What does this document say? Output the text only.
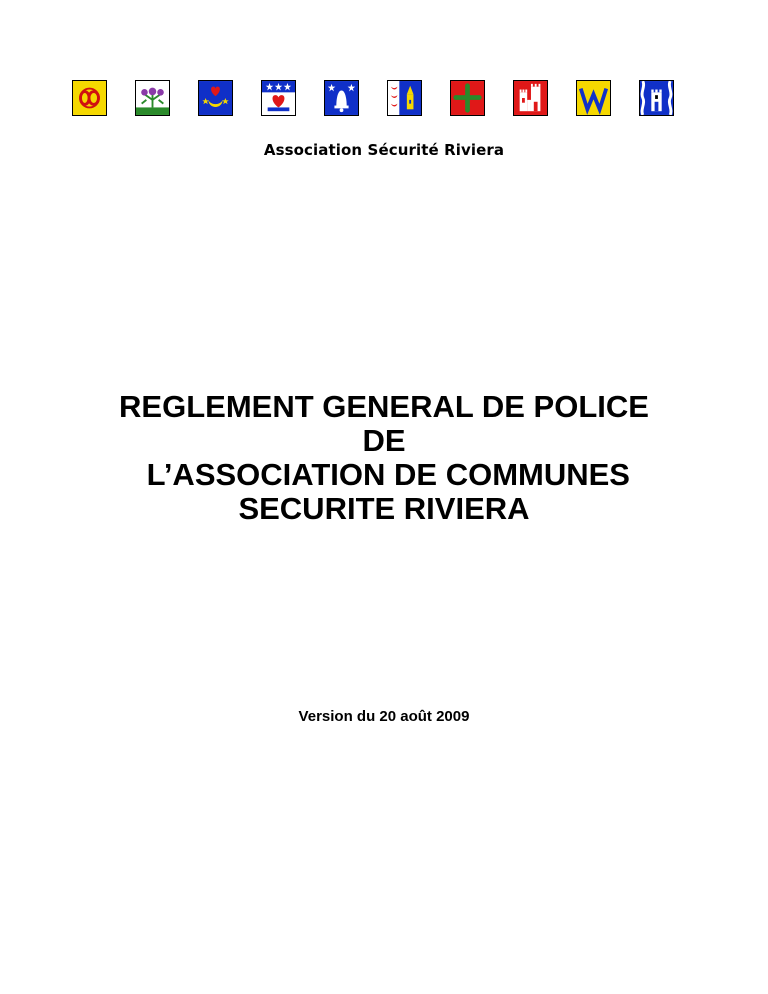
Association Sécurité Riviera
REGLEMENT GENERAL DE POLICE
DE
L’ASSOCIATION DE COMMUNES
SECURITE RIVIERA
Version du 20 août 2009
